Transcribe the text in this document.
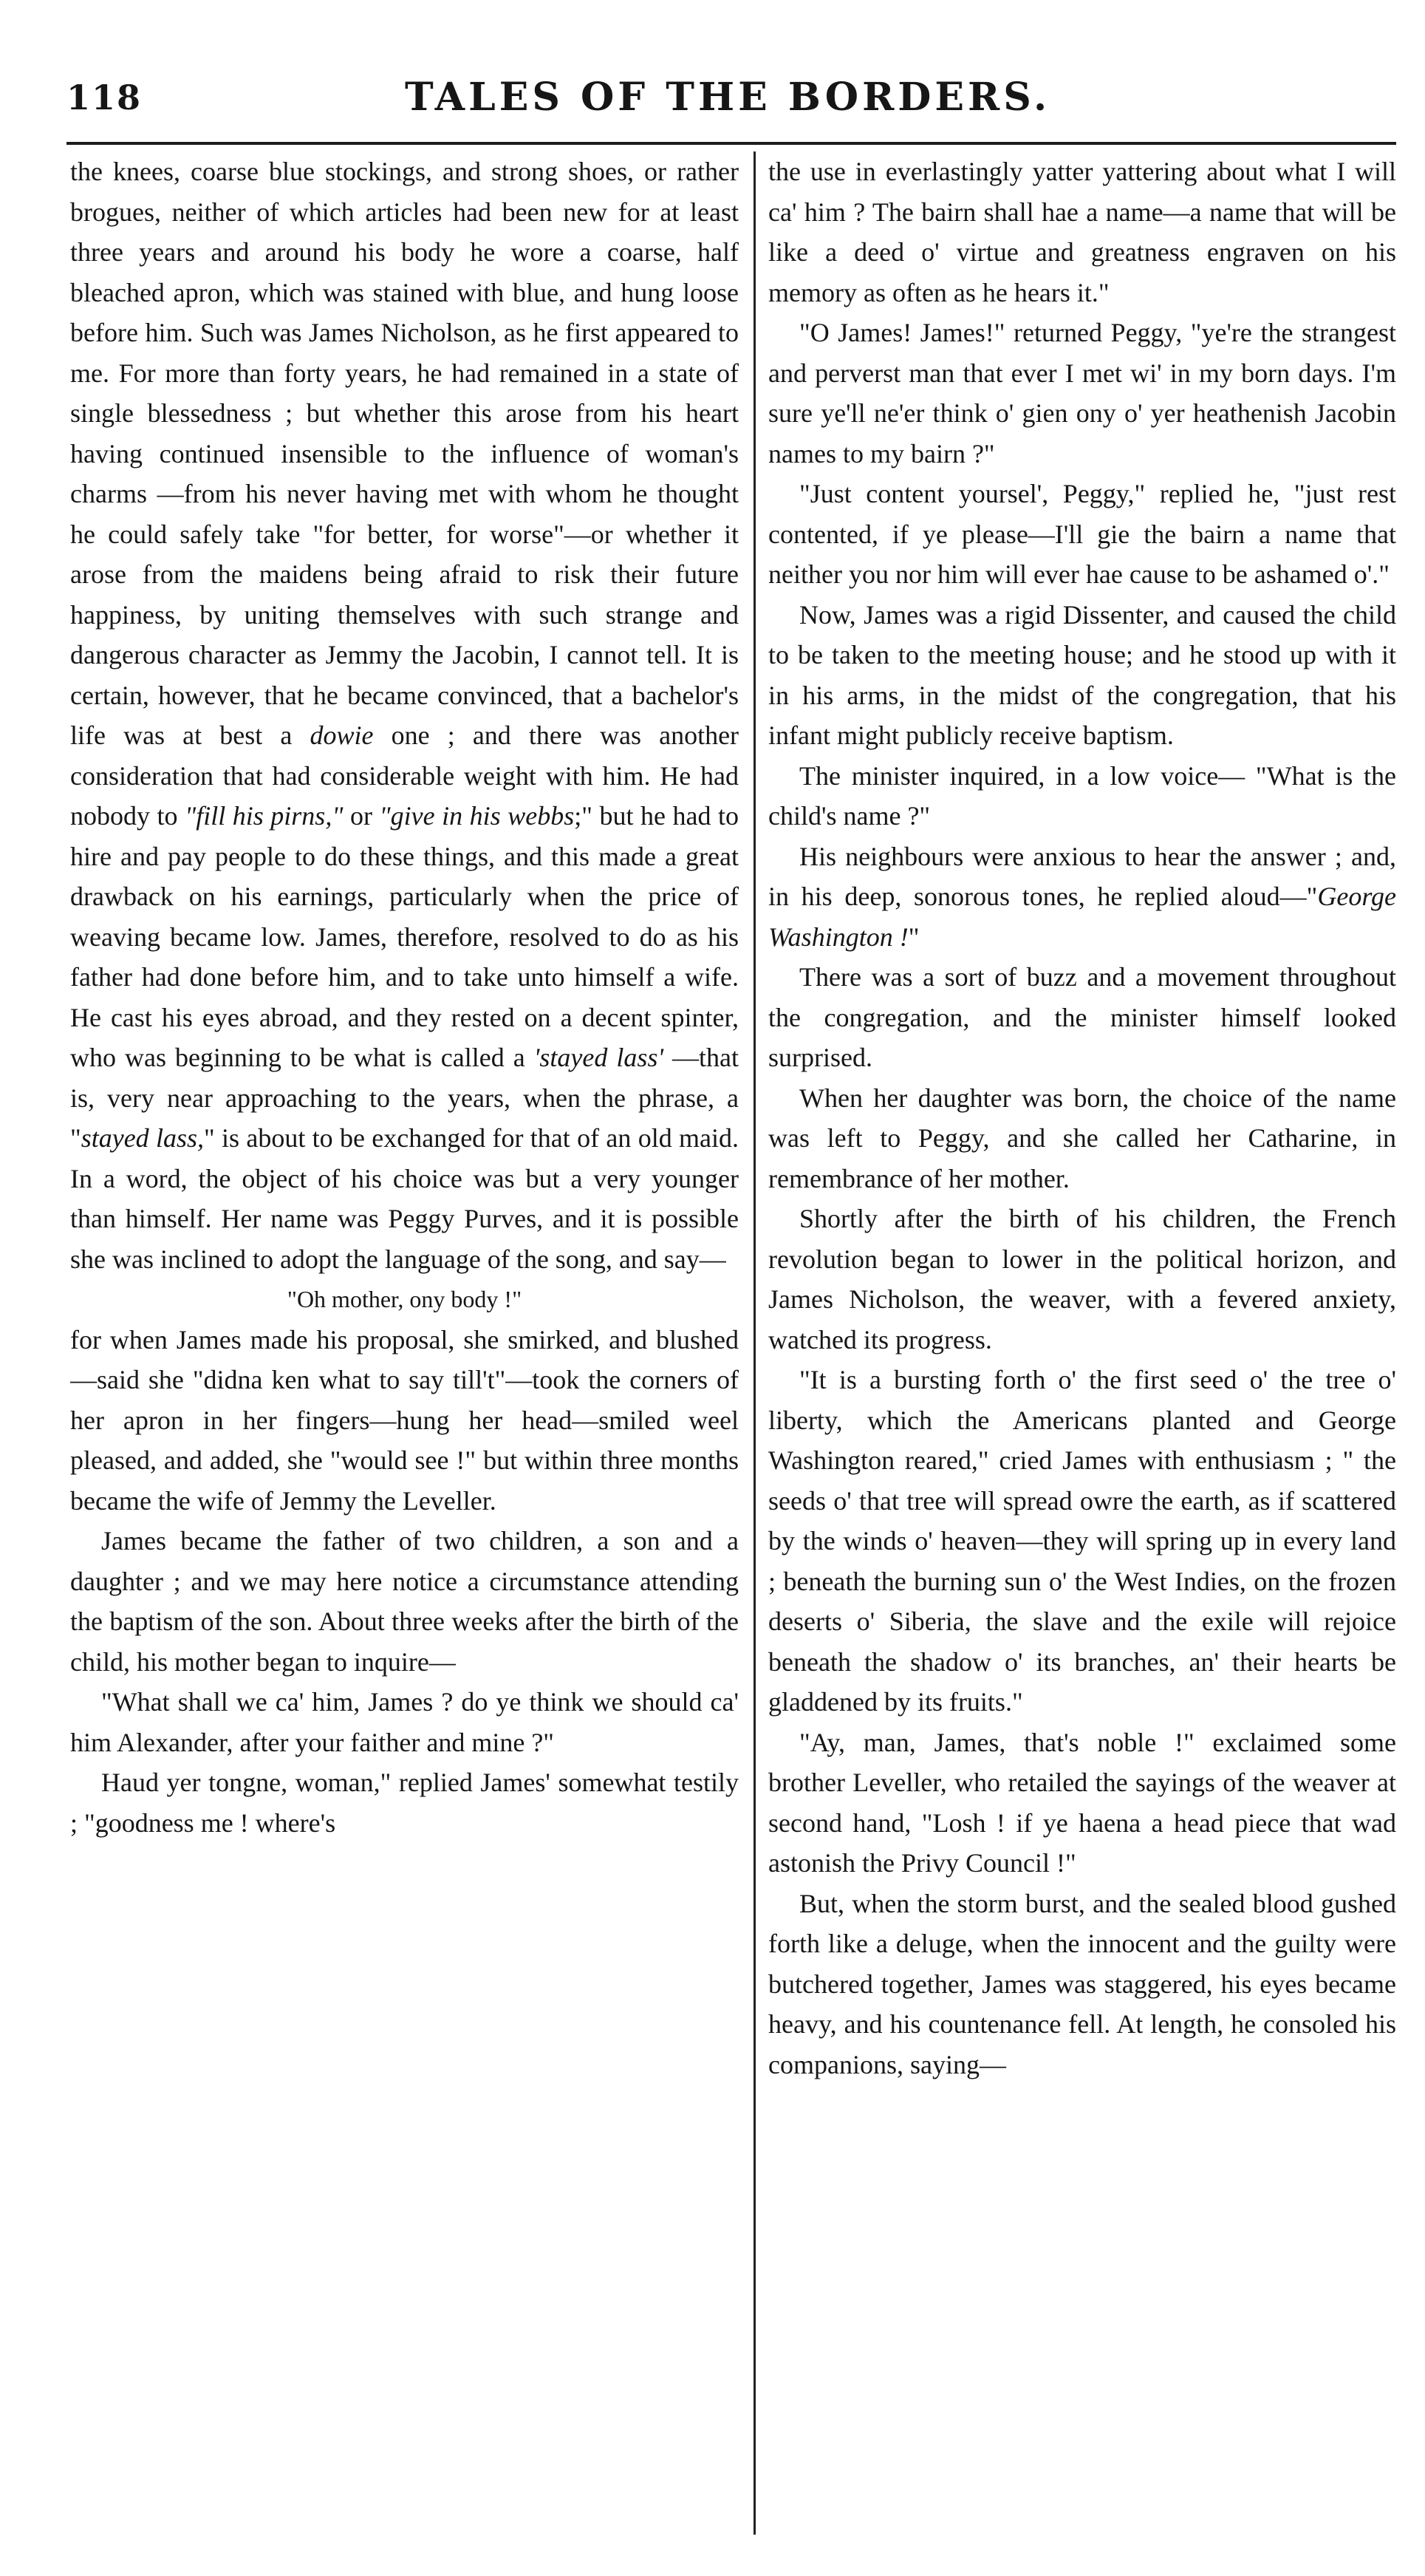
118	TALES OF THE BORDERS.

the knees, coarse blue stockings, and strong shoes, or rather brogues, neither of which articles had been new for at least three years and around his body he wore a coarse, half bleached apron, which was stained with blue, and hung loose before him. Such was James Nicholson, as he first appeared to me. For more than forty years, he had remained in a state of single blessedness ; but whether this arose from his heart having continued insensible to the influence of woman's charms —from his never having met with whom he thought he could safely take "for better, for worse"—or whether it arose from the maidens being afraid to risk their future happiness, by uniting themselves with such strange and dangerous character as Jemmy the Jacobin, I cannot tell. It is certain, however, that he became convinced, that a bachelor's life was at best a dowie one ; and there was another consideration that had considerable weight with him. He had nobody to "fill his pirns," or "give in his webbs;" but he had to hire and pay people to do these things, and this made a great drawback on his earnings, particularly when the price of weaving became low. James, therefore, resolved to do as his father had done before him, and to take unto himself a wife. He cast his eyes abroad, and they rested on a decent spinter, who was beginning to be what is called a 'stayed lass' —that is, very near approaching to the years, when the phrase, a "stayed lass," is about to be exchanged for that of an old maid. In a word, the object of his choice was but a very younger than himself. Her name was Peggy Purves, and it is possible she was inclined to adopt the language of the song, and say—

"Oh mother, ony body !"

for when James made his proposal, she smirked, and blushed—said she "didna ken what to say till't"—took the corners of her apron in her fingers—hung her head—smiled weel pleased, and added, she "would see !" but within three months became the wife of Jemmy the Leveller.

James became the father of two children, a son and a daughter ; and we may here notice a circumstance attending the baptism of the son. About three weeks after the birth of the child, his mother began to inquire—

"What shall we ca' him, James ? do ye think we should ca' him Alexander, after your faither and mine ?"

Haud yer tongne, woman," replied James' somewhat testily ; "goodness me ! where's

the use in everlastingly yatter yattering about what I will ca' him ? The bairn shall hae a name—a name that will be like a deed o' virtue and greatness engraven on his memory as often as he hears it."

"O James! James!" returned Peggy, "ye're the strangest and perverst man that ever I met wi' in my born days. I'm sure ye'll ne'er think o' gien ony o' yer heathenish Jacobin names to my bairn ?"

"Just content yoursel', Peggy," replied he, "just rest contented, if ye please—I'll gie the bairn a name that neither you nor him will ever hae cause to be ashamed o'."

Now, James was a rigid Dissenter, and caused the child to be taken to the meeting house; and he stood up with it in his arms, in the midst of the congregation, that his infant might publicly receive baptism.

The minister inquired, in a low voice— "What is the child's name ?"

His neighbours were anxious to hear the answer ; and, in his deep, sonorous tones, he replied aloud—"George Washington !"

There was a sort of buzz and a movement throughout the congregation, and the minister himself looked surprised.

When her daughter was born, the choice of the name was left to Peggy, and she called her Catharine, in remembrance of her mother.

Shortly after the birth of his children, the French revolution began to lower in the political horizon, and James Nicholson, the weaver, with a fevered anxiety, watched its progress.

"It is a bursting forth o' the first seed o' the tree o' liberty, which the Americans planted and George Washington reared," cried James with enthusiasm ; " the seeds o' that tree will spread owre the earth, as if scattered by the winds o' heaven—they will spring up in every land ; beneath the burning sun o' the West Indies, on the frozen deserts o' Siberia, the slave and the exile will rejoice beneath the shadow o' its branches, an' their hearts be gladdened by its fruits."

"Ay, man, James, that's noble !" exclaimed some brother Leveller, who retailed the sayings of the weaver at second hand, "Losh ! if ye haena a head piece that wad astonish the Privy Council !"

But, when the storm burst, and the sealed blood gushed forth like a deluge, when the innocent and the guilty were butchered together, James was staggered, his eyes became heavy, and his countenance fell. At length, he consoled his companions, saying—
